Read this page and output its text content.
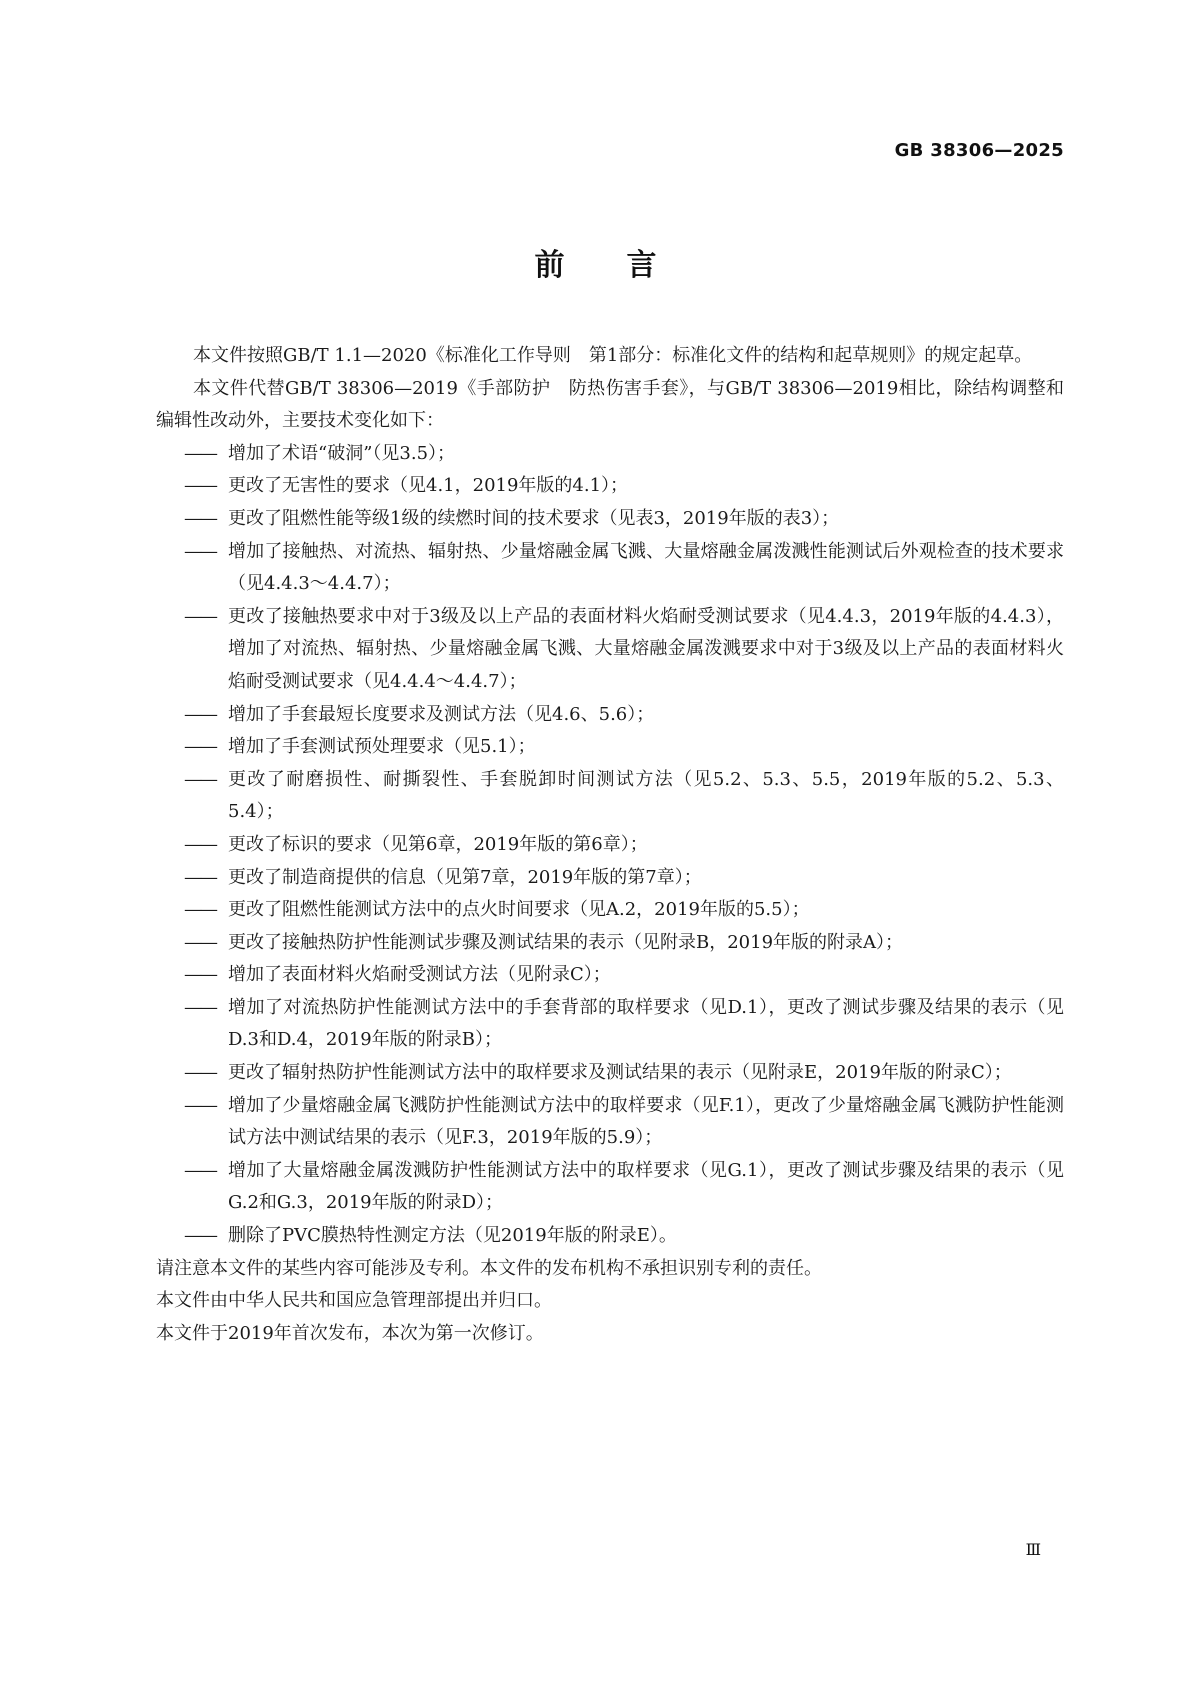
GB 38306—2025
前言

本文件按照GB/T 1.1—2020《标准化工作导则　第1部分：标准化文件的结构和起草规则》的规定起草。

本文件代替GB/T 38306—2019《手部防护　防热伤害手套》，与GB/T 38306—2019相比，除结构调整和编辑性改动外，主要技术变化如下：

—— 增加了术语“破洞”（见3.5）；
—— 更改了无害性的要求（见4.1，2019年版的4.1）；
—— 更改了阻燃性能等级1级的续燃时间的技术要求（见表3，2019年版的表3）；
—— 增加了接触热、对流热、辐射热、少量熔融金属飞溅、大量熔融金属泼溅性能测试后外观检查的技术要求（见4.4.3～4.4.7）；
—— 更改了接触热要求中对于3级及以上产品的表面材料火焰耐受测试要求（见4.4.3，2019年版的4.4.3），增加了对流热、辐射热、少量熔融金属飞溅、大量熔融金属泼溅要求中对于3级及以上产品的表面材料火焰耐受测试要求（见4.4.4～4.4.7）；
—— 增加了手套最短长度要求及测试方法（见4.6、5.6）；
—— 增加了手套测试预处理要求（见5.1）；
—— 更改了耐磨损性、耐撕裂性、手套脱卸时间测试方法（见5.2、5.3、5.5，2019年版的5.2、5.3、5.4）；
—— 更改了标识的要求（见第6章，2019年版的第6章）；
—— 更改了制造商提供的信息（见第7章，2019年版的第7章）；
—— 更改了阻燃性能测试方法中的点火时间要求（见A.2，2019年版的5.5）；
—— 更改了接触热防护性能测试步骤及测试结果的表示（见附录B，2019年版的附录A）；
—— 增加了表面材料火焰耐受测试方法（见附录C）；
—— 增加了对流热防护性能测试方法中的手套背部的取样要求（见D.1），更改了测试步骤及结果的表示（见D.3和D.4，2019年版的附录B）；
—— 更改了辐射热防护性能测试方法中的取样要求及测试结果的表示（见附录E，2019年版的附录C）；
—— 增加了少量熔融金属飞溅防护性能测试方法中的取样要求（见F.1），更改了少量熔融金属飞溅防护性能测试方法中测试结果的表示（见F.3，2019年版的5.9）；
—— 增加了大量熔融金属泼溅防护性能测试方法中的取样要求（见G.1），更改了测试步骤及结果的表示（见G.2和G.3，2019年版的附录D）；
—— 删除了PVC膜热特性测定方法（见2019年版的附录E）。

请注意本文件的某些内容可能涉及专利。本文件的发布机构不承担识别专利的责任。

本文件由中华人民共和国应急管理部提出并归口。

本文件于2019年首次发布，本次为第一次修订。

Ⅲ
